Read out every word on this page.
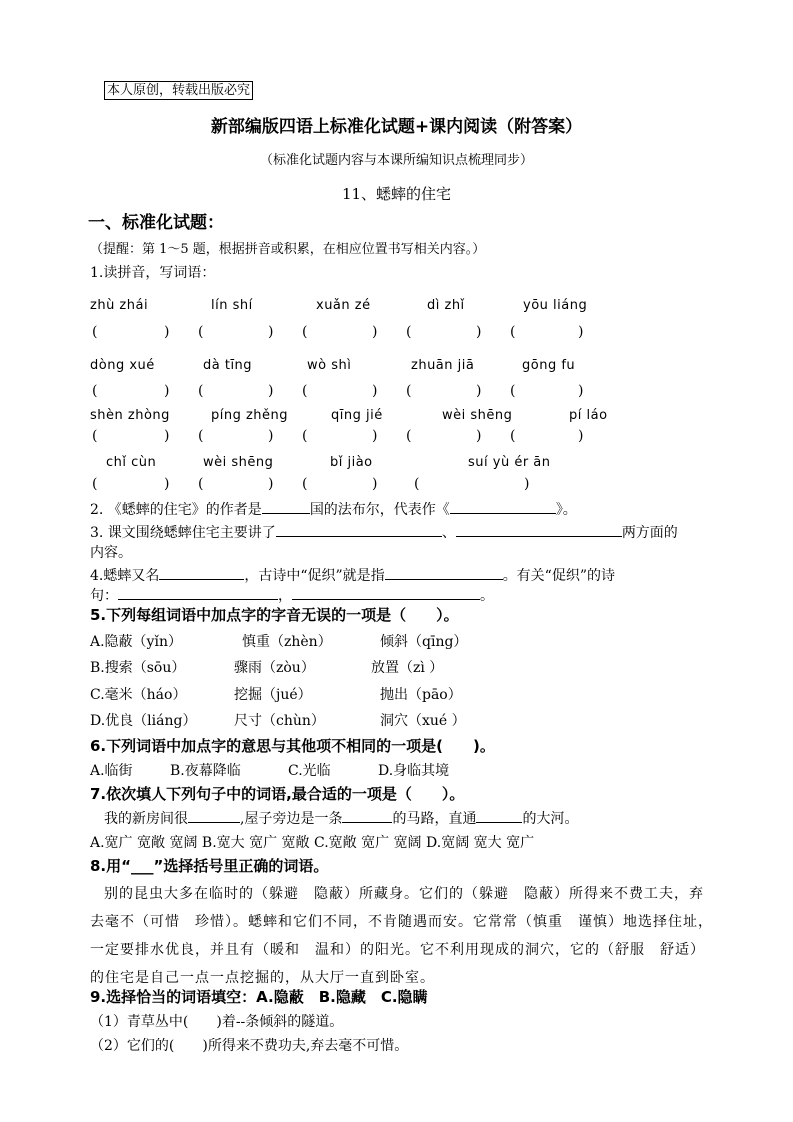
本人原创，转载出版必究
新部编版四语上标准化试题+课内阅读（附答案）
（标准化试题内容与本课所编知识点梳理同步）
11、蟋蟀的住宅
一、标准化试题：
（提醒：第 1～5 题，根据拼音或积累，在相应位置书写相关内容。）
1.读拼音，写词语：
zhù zhái	lín shí	xuǎn zé	dì zhǐ	yōu liáng
(	) (	) (	) (	) (	)
dòng xué	dà tīng	wò shì	zhuān jiā	gōng fu
(	) (	) (	) (	) (	)
shèn zhòng	píng zhěng	qīng jié	wèi shēng	pí láo
(	) (	) (	) (	) (	)
chǐ cùn	wèi shēng	bǐ jiào	suí yù ér ān
(	) (	) (	)	(	)
2. 《蟋蟀的住宅》的作者是	国的法布尔，代表作《	》。
3. 课文围绕蟋蟀住宅主要讲了	、	两方面的
内容。
4.蟋蟀又名	，古诗中“促织”就是指	。有关“促织”的诗
句：	，	。
5.下列每组词语中加点字的字音无误的一项是（　　）。
A.隐蔽（yǐn）	慎重（zhèn）	倾斜（qīng）
B.搜索（sōu）	骤雨（zòu）	放置（zì ）
C.毫米（háo）	挖掘（jué）	抛出（pāo）
D.优良（liáng）	尺寸（chùn）	洞穴（xué ）
6.下列词语中加点字的意思与其他项不相同的一项是(　　)。
A.临街	B.夜幕降临	C.光临	D.身临其境
7.依次填人下列句子中的词语,最合适的一项是（　　）。
我的新房间很	,屋子旁边是一条	的马路，直通	的大河。
A.宽广 宽敞 宽阔 B.宽大 宽广 宽敞 C.宽敞 宽广 宽阔 D.宽阔 宽大 宽广
8.用“___”选择括号里正确的词语。
别的昆虫大多在临时的（躲避　隐蔽）所藏身。它们的（躲避　隐蔽）所得来不费工夫，弃去毫不（可惜　珍惜）。蟋蟀和它们不同，不肯随遇而安。它常常（慎重　谨慎）地选择住址，一定要排水优良，并且有（暖和　温和）的阳光。它不利用现成的洞穴，它的（舒服　舒适）的住宅是自己一点一点挖掘的，从大厅一直到卧室。
9.选择恰当的词语填空：A.隐蔽　B.隐藏　C.隐瞒
（1）青草丛中(　　)着--条倾斜的隧道。
（2）它们的(　　)所得来不费功夫,弃去毫不可惜。
